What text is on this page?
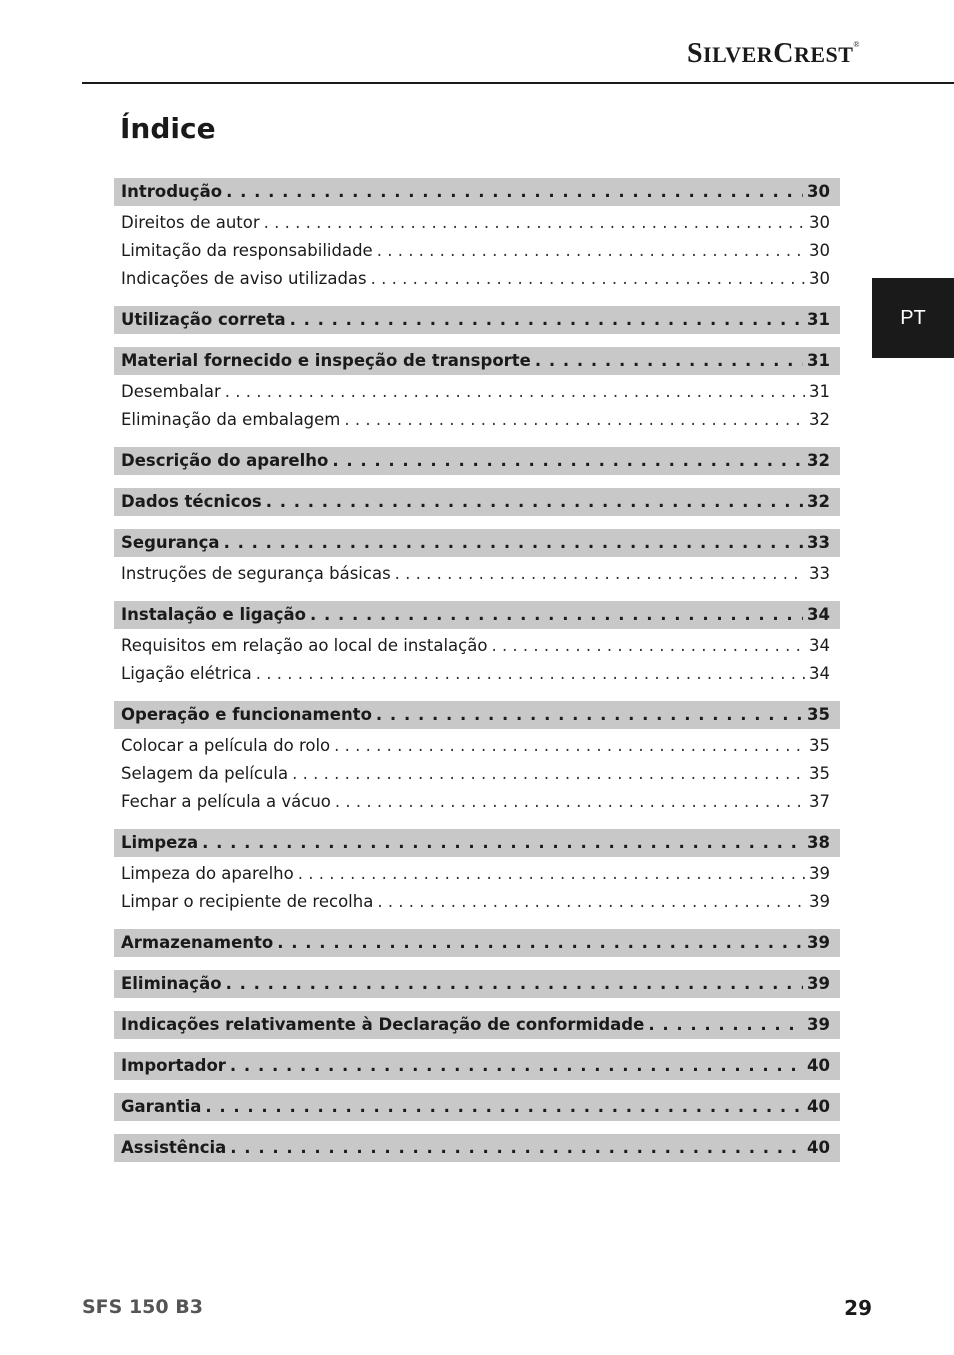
SILVERCREST®
Índice
PT
Introdução . . .	30
Direitos de autor . . .	30
Limitação da responsabilidade . . .	30
Indicações de aviso utilizadas . . .	30
Utilização correta . . .	31
Material fornecido e inspeção de transporte . . .	31
Desembalar . . .	31
Eliminação da embalagem . . .	32
Descrição do aparelho . . .	32
Dados técnicos . . .	32
Segurança . . .	33
Instruções de segurança básicas . . .	33
Instalação e ligação . . .	34
Requisitos em relação ao local de instalação . . .	34
Ligação elétrica . . .	34
Operação e funcionamento . . .	35
Colocar a película do rolo . . .	35
Selagem da película . . .	35
Fechar a película a vácuo . . .	37
Limpeza . . .	38
Limpeza do aparelho . . .	39
Limpar o recipiente de recolha . . .	39
Armazenamento . . .	39
Eliminação . . .	39
Indicações relativamente à Declaração de conformidade . . .	39
Importador . . .	40
Garantia . . .	40
Assistência . . .	40
SFS 150 B3	29
